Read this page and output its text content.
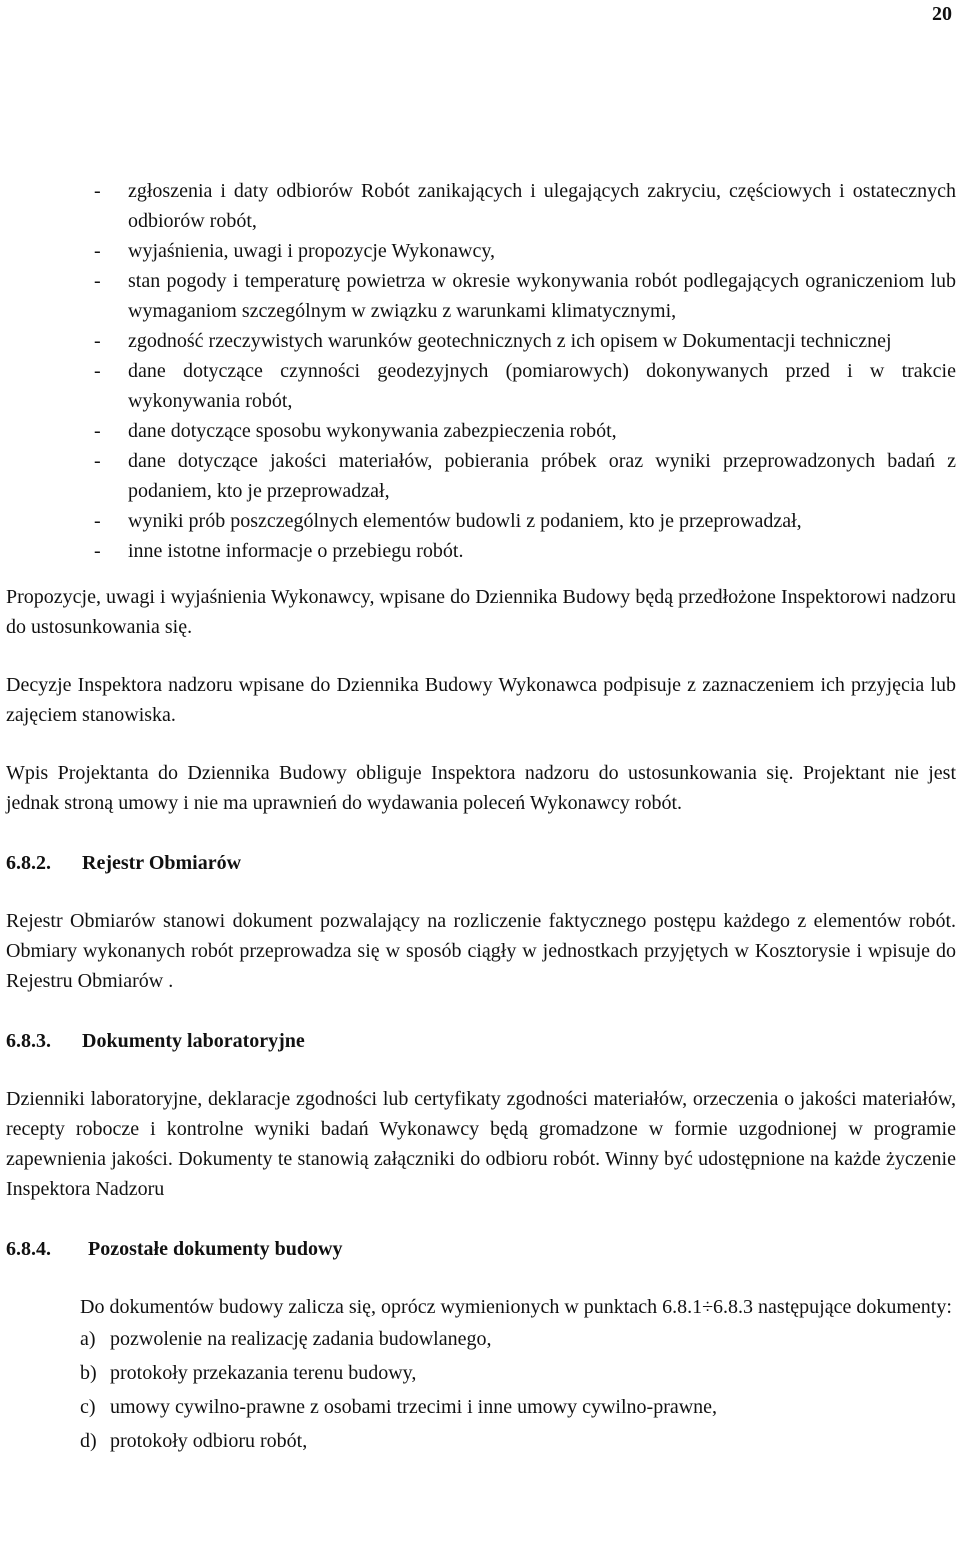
20
- zgłoszenia i daty odbiorów Robót zanikających i ulegających zakryciu, częściowych i ostatecznych odbiorów robót,
- wyjaśnienia, uwagi i propozycje Wykonawcy,
- stan pogody i temperaturę powietrza w okresie wykonywania robót podlegających ograniczeniom lub wymaganiom szczególnym w związku z warunkami klimatycznymi,
- zgodność rzeczywistych warunków geotechnicznych z ich opisem w Dokumentacji technicznej
- dane dotyczące czynności geodezyjnych (pomiarowych) dokonywanych przed i w trakcie wykonywania robót,
- dane dotyczące sposobu wykonywania zabezpieczenia robót,
- dane dotyczące jakości materiałów, pobierania próbek oraz wyniki przeprowadzonych badań z podaniem, kto je przeprowadzał,
- wyniki prób poszczególnych elementów budowli z podaniem, kto je przeprowadzał,
- inne istotne informacje o przebiegu robót.

Propozycje, uwagi i wyjaśnienia Wykonawcy, wpisane do Dziennika Budowy będą przedłożone Inspektorowi nadzoru do ustosunkowania się.

Decyzje Inspektora nadzoru wpisane do Dziennika Budowy Wykonawca podpisuje z zaznaczeniem ich przyjęcia lub zajęciem stanowiska.

Wpis Projektanta do Dziennika Budowy obliguje Inspektora nadzoru do ustosunkowania się. Projektant nie jest jednak stroną umowy i nie ma uprawnień do wydawania poleceń Wykonawcy robót.

6.8.2.	Rejestr Obmiarów

Rejestr Obmiarów stanowi dokument pozwalający na rozliczenie faktycznego postępu każdego z elementów robót. Obmiary wykonanych robót przeprowadza się w sposób ciągły w jednostkach przyjętych w Kosztorysie i wpisuje do Rejestru Obmiarów .

6.8.3.	Dokumenty laboratoryjne

Dzienniki laboratoryjne, deklaracje zgodności lub certyfikaty zgodności materiałów, orzeczenia o jakości materiałów, recepty robocze i kontrolne wyniki badań Wykonawcy będą gromadzone w formie uzgodnionej w programie zapewnienia jakości. Dokumenty te stanowią załączniki do odbioru robót. Winny być udostępnione na każde życzenie Inspektora Nadzoru

6.8.4.	Pozostałe dokumenty budowy

Do dokumentów budowy zalicza się, oprócz wymienionych w punktach 6.8.1÷6.8.3 następujące dokumenty:

a) pozwolenie na realizację zadania budowlanego,
b) protokoły przekazania terenu budowy,
c) umowy cywilno-prawne z osobami trzecimi i inne umowy cywilno-prawne,
d) protokoły odbioru robót,
